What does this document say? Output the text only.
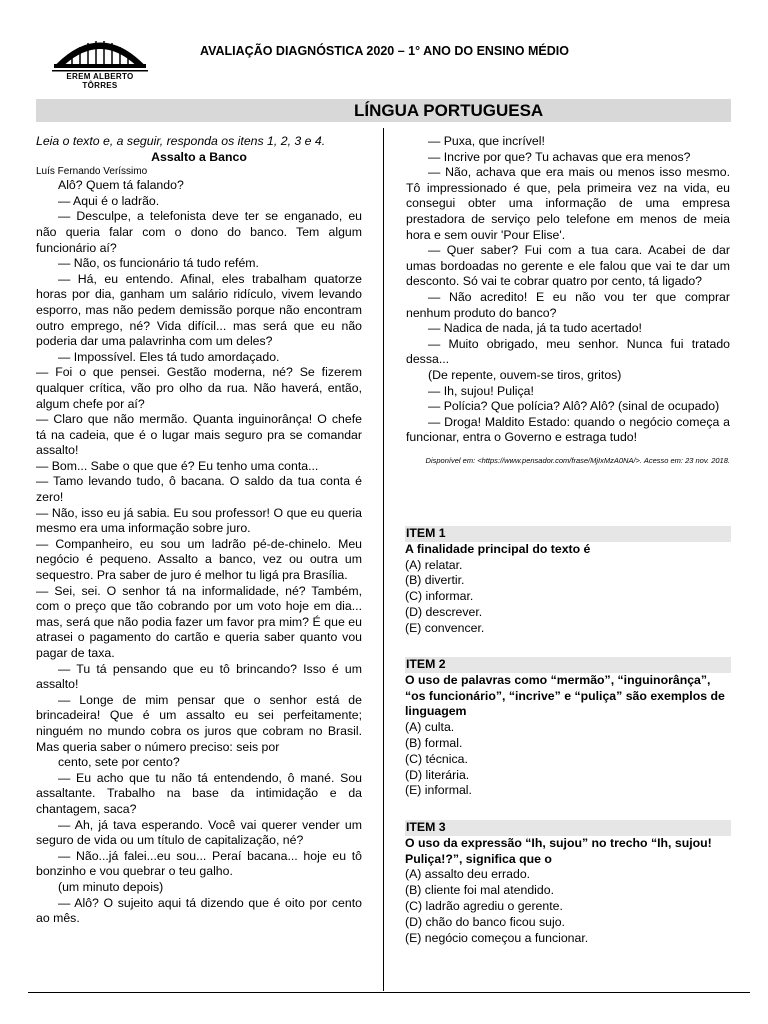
EREM ALBERTO TÔRRES
AVALIAÇÃO DIAGNÓSTICA 2020 – 1° ANO DO ENSINO MÉDIO
LÍNGUA PORTUGUESA

Leia o texto e, a seguir, responda os itens 1, 2, 3 e 4.

Assalto a Banco

Luís Fernando Veríssimo

Alô? Quem tá falando?

— Aqui é o ladrão.

— Desculpe, a telefonista deve ter se enganado, eu não queria falar com o dono do banco. Tem algum funcionário aí?

— Não, os funcionário tá tudo refém.

— Há, eu entendo. Afinal, eles trabalham quatorze horas por dia, ganham um salário ridículo, vivem levando esporro, mas não pedem demissão porque não encontram outro emprego, né? Vida difícil... mas será que eu não poderia dar uma palavrinha com um deles?

— Impossível. Eles tá tudo amordaçado.

— Foi o que pensei. Gestão moderna, né? Se fizerem qualquer crítica, vão pro olho da rua. Não haverá, então, algum chefe por aí?

— Claro que não mermão. Quanta inguinorânça! O chefe tá na cadeia, que é o lugar mais seguro pra se comandar assalto!

— Bom... Sabe o que que é? Eu tenho uma conta...

— Tamo levando tudo, ô bacana. O saldo da tua conta é zero!

— Não, isso eu já sabia. Eu sou professor! O que eu queria mesmo era uma informação sobre juro.

— Companheiro, eu sou um ladrão pé-de-chinelo. Meu negócio é pequeno. Assalto a banco, vez ou outra um sequestro. Pra saber de juro é melhor tu ligá pra Brasília.

— Sei, sei. O senhor tá na informalidade, né? Também, com o preço que tão cobrando por um voto hoje em dia... mas, será que não podia fazer um favor pra mim? É que eu atrasei o pagamento do cartão e queria saber quanto vou pagar de taxa.

— Tu tá pensando que eu tô brincando? Isso é um assalto!

— Longe de mim pensar que o senhor está de brincadeira! Que é um assalto eu sei perfeitamente; ninguém no mundo cobra os juros que cobram no Brasil. Mas queria saber o número preciso: seis por

cento, sete por cento?

— Eu acho que tu não tá entendendo, ô mané. Sou assaltante. Trabalho na base da intimidação e da chantagem, saca?

— Ah, já tava esperando. Você vai querer vender um seguro de vida ou um título de capitalização, né?

— Não...já falei...eu sou... Peraí bacana... hoje eu tô bonzinho e vou quebrar o teu galho.

(um minuto depois)

— Alô? O sujeito aqui tá dizendo que é oito por cento ao mês.

— Puxa, que incrível!

— Incrive por que? Tu achavas que era menos?

— Não, achava que era mais ou menos isso mesmo. Tô impressionado é que, pela primeira vez na vida, eu consegui obter uma informação de uma empresa prestadora de serviço pelo telefone em menos de meia hora e sem ouvir 'Pour Elise'.

— Quer saber? Fui com a tua cara. Acabei de dar umas bordoadas no gerente e ele falou que vai te dar um desconto. Só vai te cobrar quatro por cento, tá ligado?

— Não acredito! E eu não vou ter que comprar nenhum produto do banco?

— Nadica de nada, já ta tudo acertado!

— Muito obrigado, meu senhor. Nunca fui tratado dessa...

(De repente, ouvem-se tiros, gritos)

— Ih, sujou! Puliça!

— Polícia? Que polícia? Alô? Alô? (sinal de ocupado)

— Droga! Maldito Estado: quando o negócio começa a funcionar, entra o Governo e estraga tudo!

Disponível em: <https://www.pensador.com/frase/MjIxMzA0NA/>. Acesso em: 23 nov. 2018.

ITEM 1
A finalidade principal do texto é

(A) relatar.

(B) divertir.

(C) informar.

(D) descrever.

(E) convencer.

ITEM 2
O uso de palavras como “mermão”, “inguinorânça”, “os funcionário”, “incrive” e “puliça” são exemplos de linguagem

(A) culta.

(B) formal.

(C) técnica.

(D) literária.

(E) informal.

ITEM 3
O uso da expressão “Ih, sujou” no trecho “Ih, sujou! Puliça!?”, significa que o

(A) assalto deu errado.

(B) cliente foi mal atendido.

(C) ladrão agrediu o gerente.

(D) chão do banco ficou sujo.

(E) negócio começou a funcionar.
